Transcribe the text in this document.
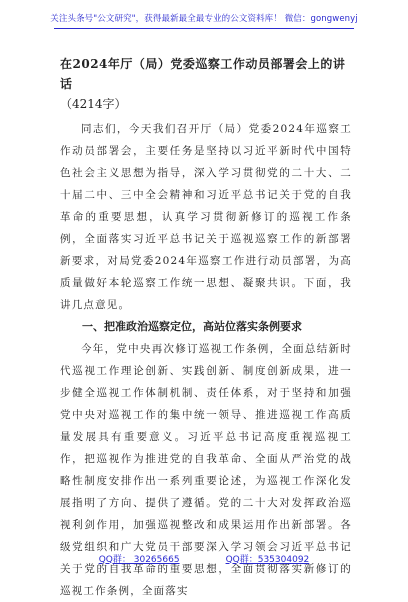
关注头条号"公文研究"，获得最新最全最专业的公文资料库！ 微信：gongwenyj

在2024年厅（局）党委巡察工作动员部署会上的讲话

（4214字）

同志们，今天我们召开厅（局）党委2024年巡察工作动员部署会，主要任务是坚持以习近平新时代中国特色社会主义思想为指导，深入学习贯彻党的二十大、二十届二中、三中全会精神和习近平总书记关于党的自我革命的重要思想，认真学习贯彻新修订的巡视工作条例，全面落实习近平总书记关于巡视巡察工作的新部署新要求，对局党委2024年巡察工作进行动员部署，为高质量做好本轮巡察工作统一思想、凝聚共识。下面，我讲几点意见。

一、把准政治巡察定位，高站位落实条例要求

今年，党中央再次修订巡视工作条例，全面总结新时代巡视工作理论创新、实践创新、制度创新成果，进一步健全巡视工作体制机制、责任体系，对于坚持和加强党中央对巡视工作的集中统一领导、推进巡视工作高质量发展具有重要意义。习近平总书记高度重视巡视工作，把巡视作为推进党的自我革命、全面从严治党的战略性制度安排作出一系列重要论述，为巡视工作深化发展指明了方向、提供了遵循。党的二十大对发挥政治巡视利剑作用，加强巡视整改和成果运用作出新部署。各级党组织和广大党员干部要深入学习领会习近平总书记关于党的自我革命的重要思想，全面贯彻落实新修订的巡视工作条例，全面落实

QQ群： 30265665	QQ群：535304092
